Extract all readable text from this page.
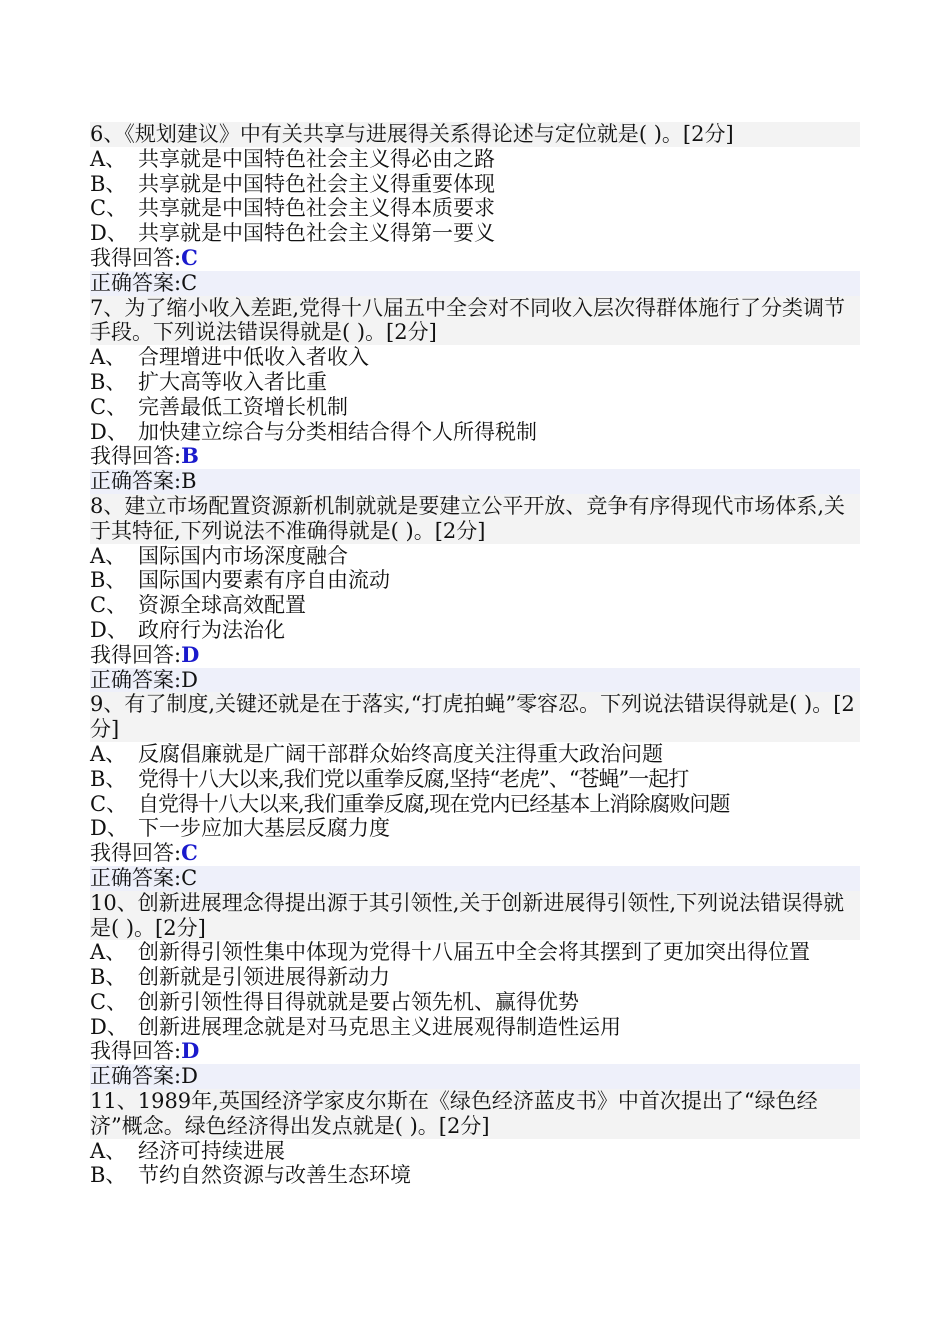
6、《规划建议》中有关共享与进展得关系得论述与定位就是( )。[2分]
A、 共享就是中国特色社会主义得必由之路
B、 共享就是中国特色社会主义得重要体现
C、 共享就是中国特色社会主义得本质要求
D、 共享就是中国特色社会主义得第一要义
我得回答:C
正确答案:C
7、为了缩小收入差距,党得十八届五中全会对不同收入层次得群体施行了分类调节手段。下列说法错误得就是( )。[2分]
A、 合理增进中低收入者收入
B、 扩大高等收入者比重
C、 完善最低工资增长机制
D、 加快建立综合与分类相结合得个人所得税制
我得回答:B
正确答案:B
8、建立市场配置资源新机制就就是要建立公平开放、竞争有序得现代市场体系,关于其特征,下列说法不准确得就是( )。[2分]
A、 国际国内市场深度融合
B、 国际国内要素有序自由流动
C、 资源全球高效配置
D、 政府行为法治化
我得回答:D
正确答案:D
9、有了制度,关键还就是在于落实,“打虎拍蝇”零容忍。下列说法错误得就是( )。[2分]
A、 反腐倡廉就是广阔干部群众始终高度关注得重大政治问题
B、 党得十八大以来,我们党以重拳反腐,坚持“老虎”、“苍蝇”一起打
C、 自党得十八大以来,我们重拳反腐,现在党内已经基本上消除腐败问题
D、 下一步应加大基层反腐力度
我得回答:C
正确答案:C
10、创新进展理念得提出源于其引领性,关于创新进展得引领性,下列说法错误得就是( )。[2分]
A、 创新得引领性集中体现为党得十八届五中全会将其摆到了更加突出得位置
B、 创新就是引领进展得新动力
C、 创新引领性得目得就就是要占领先机、赢得优势
D、 创新进展理念就是对马克思主义进展观得制造性运用
我得回答:D
正确答案:D
11、1989年,英国经济学家皮尔斯在《绿色经济蓝皮书》中首次提出了“绿色经济”概念。绿色经济得出发点就是( )。[2分]
A、 经济可持续进展
B、 节约自然资源与改善生态环境
